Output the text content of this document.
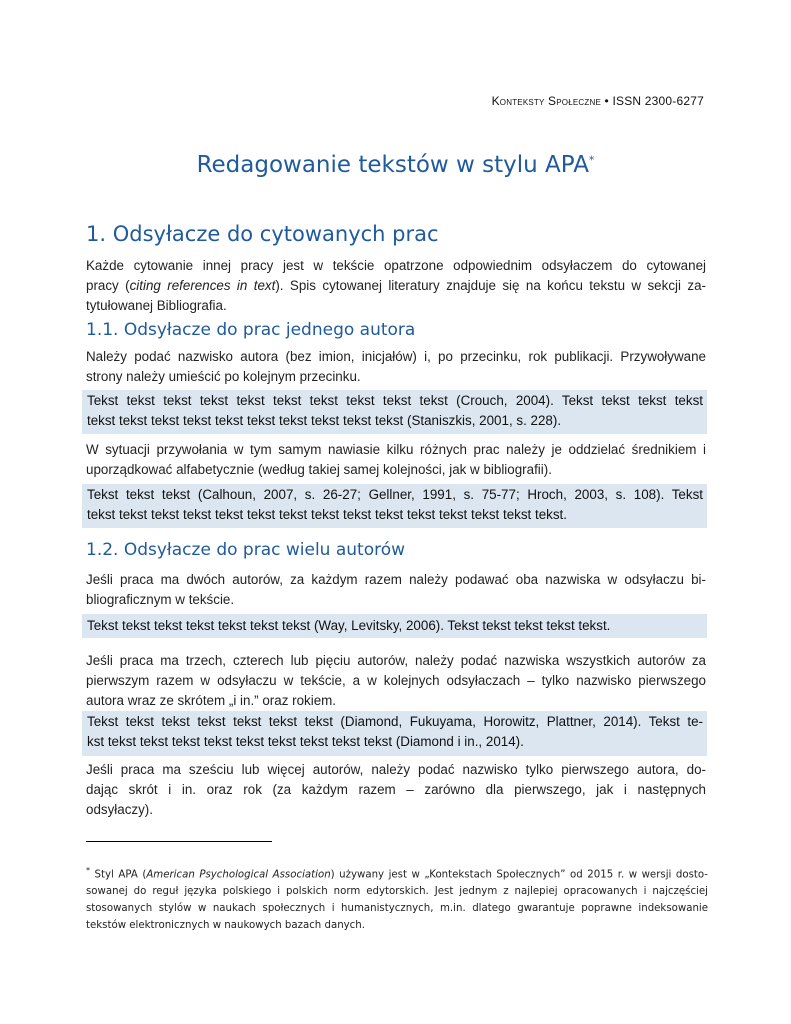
Konteksty Społeczne • ISSN 2300-6277
Redagowanie tekstów w stylu APA*
1. Odsyłacze do cytowanych prac
Każde cytowanie innej pracy jest w tekście opatrzone odpowiednim odsyłaczem do cytowanej
pracy (citing references in text). Spis cytowanej literatury znajduje się na końcu tekstu w sekcji za-
tytułowanej Bibliografia.
1.1. Odsyłacze do prac jednego autora
Należy podać nazwisko autora (bez imion, inicjałów) i, po przecinku, rok publikacji. Przywoływane
strony należy umieścić po kolejnym przecinku.
Tekst tekst tekst tekst tekst tekst tekst tekst tekst tekst (Crouch, 2004). Tekst tekst tekst tekst
tekst tekst tekst tekst tekst tekst tekst tekst tekst tekst (Staniszkis, 2001, s. 228).
W sytuacji przywołania w tym samym nawiasie kilku różnych prac należy je oddzielać średnikiem i
uporządkować alfabetycznie (według takiej samej kolejności, jak w bibliografii).
Tekst tekst tekst (Calhoun, 2007, s. 26-27; Gellner, 1991, s. 75-77; Hroch, 2003, s. 108). Tekst
tekst tekst tekst tekst tekst tekst tekst tekst tekst tekst tekst tekst tekst tekst tekst.
1.2. Odsyłacze do prac wielu autorów
Jeśli praca ma dwóch autorów, za każdym razem należy podawać oba nazwiska w odsyłaczu bi-
bliograficznym w tekście.
Tekst tekst tekst tekst tekst tekst tekst (Way, Levitsky, 2006). Tekst tekst tekst tekst tekst.
Jeśli praca ma trzech, czterech lub pięciu autorów, należy podać nazwiska wszystkich autorów za
pierwszym razem w odsyłaczu w tekście, a w kolejnych odsyłaczach – tylko nazwisko pierwszego
autora wraz ze skrótem „i in.” oraz rokiem.
Tekst tekst tekst tekst tekst tekst tekst (Diamond, Fukuyama, Horowitz, Plattner, 2014). Tekst te-
kst tekst tekst tekst tekst tekst tekst tekst tekst tekst (Diamond i in., 2014).
Jeśli praca ma sześciu lub więcej autorów, należy podać nazwisko tylko pierwszego autora, do-
dając skrót i in. oraz rok (za każdym razem – zarówno dla pierwszego, jak i następnych
odsyłaczy).
* Styl APA (American Psychological Association) używany jest w „Kontekstach Społecznych” od 2015 r. w wersji dosto-
sowanej do reguł języka polskiego i polskich norm edytorskich. Jest jednym z najlepiej opracowanych i najczęściej
stosowanych stylów w naukach społecznych i humanistycznych, m.in. dlatego gwarantuje poprawne indeksowanie
tekstów elektronicznych w naukowych bazach danych.
